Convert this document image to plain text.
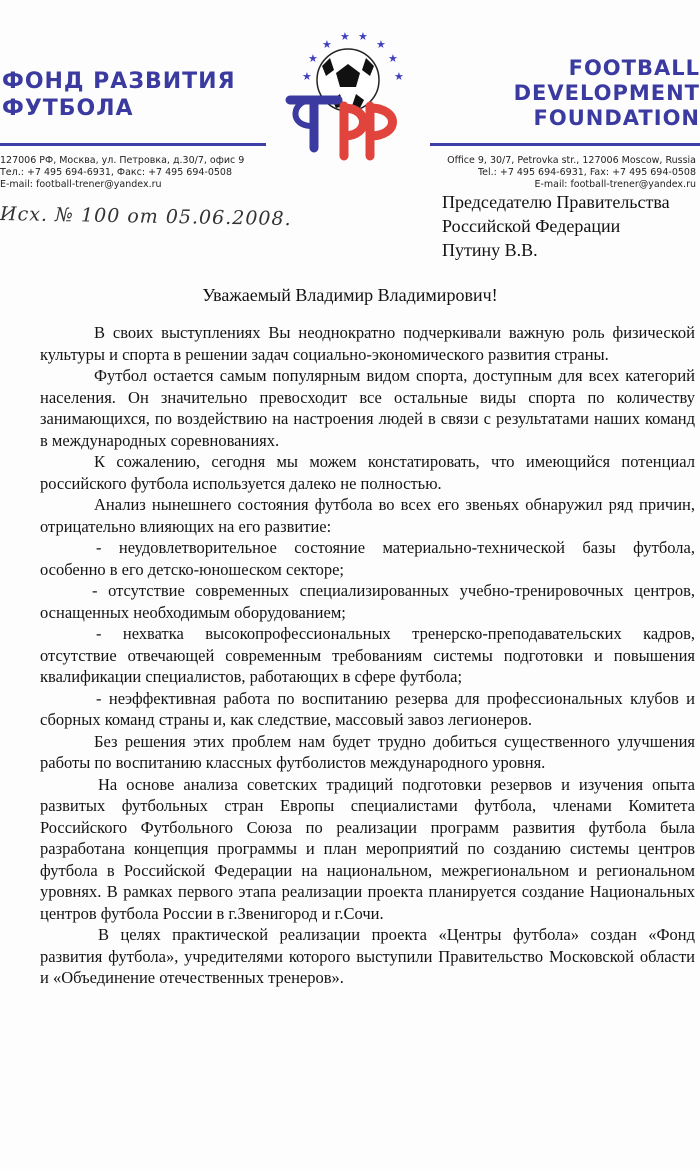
ФОНД РАЗВИТИЯ
ФУТБОЛА
★
★
★
★ ★
★
★
★	FOOTBALL
DEVELOPMENT
FOUNDATION
127006 РФ, Москва, ул. Петровка, д.30/7, офис 9
Тел.: +7 495 694-6931, Факс: +7 495 694-0508
E-mail: football-trener@yandex.ru
Office 9, 30/7, Petrovka str., 127006 Moscow, Russia
Tel.: +7 495 694-6931, Fax: +7 495 694-0508
E-mail: football-trener@yandex.ru
Исх. № 100 от 05.06.2008.
Председателю Правительства
Российской Федерации
Путину В.В.
Уважаемый Владимир Владимирович!

В своих выступлениях Вы неоднократно подчеркивали важную роль физической культуры и спорта в решении задач социально-экономического развития страны.

Футбол остается самым популярным видом спорта, доступным для всех категорий населения. Он значительно превосходит все остальные виды спорта по количеству занимающихся, по воздействию на настроения людей в связи с результатами наших команд в международных соревнованиях.

К сожалению, сегодня мы можем констатировать, что имеющийся потенциал российского футбола используется далеко не полностью.

Анализ нынешнего состояния футбола во всех его звеньях обнаружил ряд причин, отрицательно влияющих на его развитие:

- неудовлетворительное состояние материально-технической базы футбола, особенно в его детско-юношеском секторе;

- отсутствие современных специализированных учебно-тренировочных центров, оснащенных необходимым оборудованием;

- нехватка высокопрофессиональных тренерско-преподавательских кадров, отсутствие отвечающей современным требованиям системы подготовки и повышения квалификации специалистов, работающих в сфере футбола;

- неэффективная работа по воспитанию резерва для профессиональных клубов и сборных команд страны и, как следствие, массовый завоз легионеров.

Без решения этих проблем нам будет трудно добиться существенного улучшения работы по воспитанию классных футболистов международного уровня.

На основе анализа советских традиций подготовки резервов и изучения опыта развитых футбольных стран Европы специалистами футбола, членами Комитета Российского Футбольного Союза по реализации программ развития футбола была разработана концепция программы и план мероприятий по созданию системы центров футбола в Российской Федерации на национальном, межрегиональном и региональном уровнях. В рамках первого этапа реализации проекта планируется создание Национальных центров футбола России в г.Звенигород и г.Сочи.

В целях практической реализации проекта «Центры футбола» создан «Фонд развития футбола», учредителями которого выступили Правительство Московской области и «Объединение отечественных тренеров».
